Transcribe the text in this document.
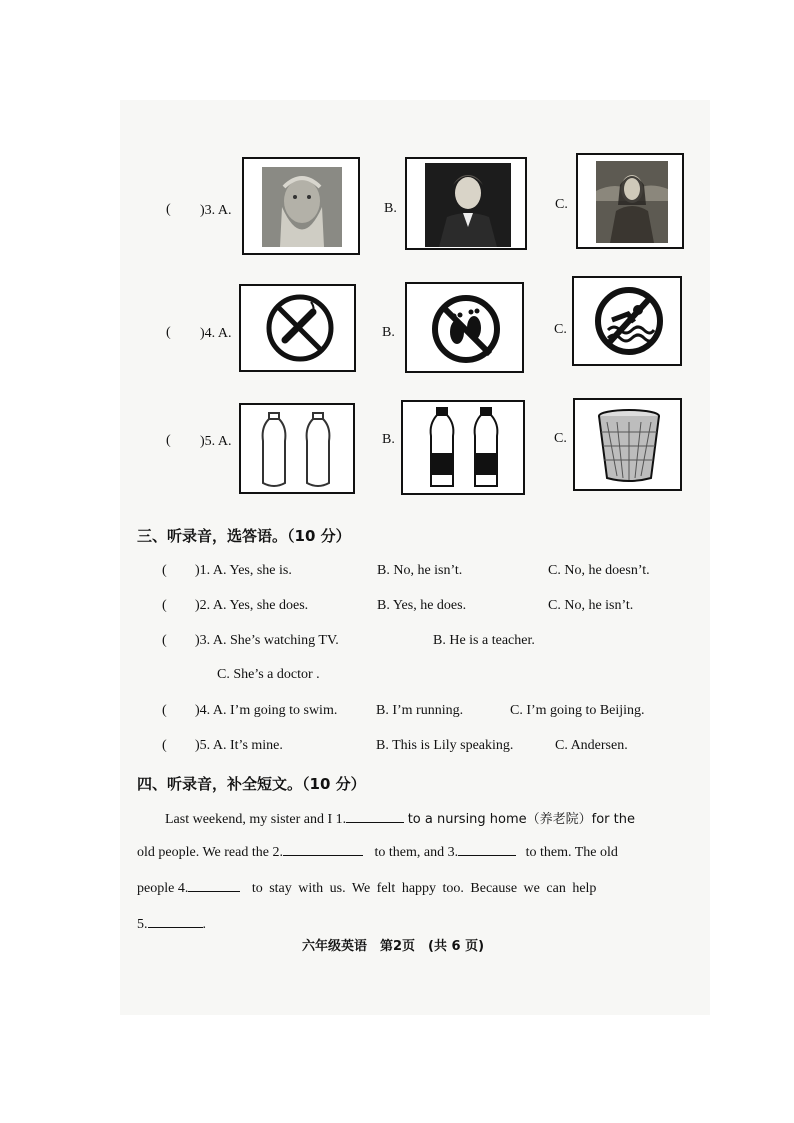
( )3. A.	B.	C.
( )4. A.	B.	C.
( )5. A.	B.	C.
三、听录音，选答语。（10 分）
( )1. A. Yes, she is.	B. No, he isn’t.	C. No, he doesn’t.
( )2. A. Yes, she does.	B. Yes, he does.	C. No, he isn’t.
( )3. A. She’s watching TV.	B. He is a teacher.
C. She’s a doctor .
( )4. A. I’m going to swim.	B. I’m running.	C. I’m going to Beijing.
( )5. A. It’s mine.	B. This is Lily speaking.	C. Andersen.
四、听录音，补全短文。（10 分）
Last weekend, my sister and I 1.	to a nursing home（养老院）for the
old people. We read the 2.	to them, and 3.	to them. The old
people 4.	to stay with us. We felt happy too. Because we can help
5.	.
六年级英语　第2页　(共 6 页)
